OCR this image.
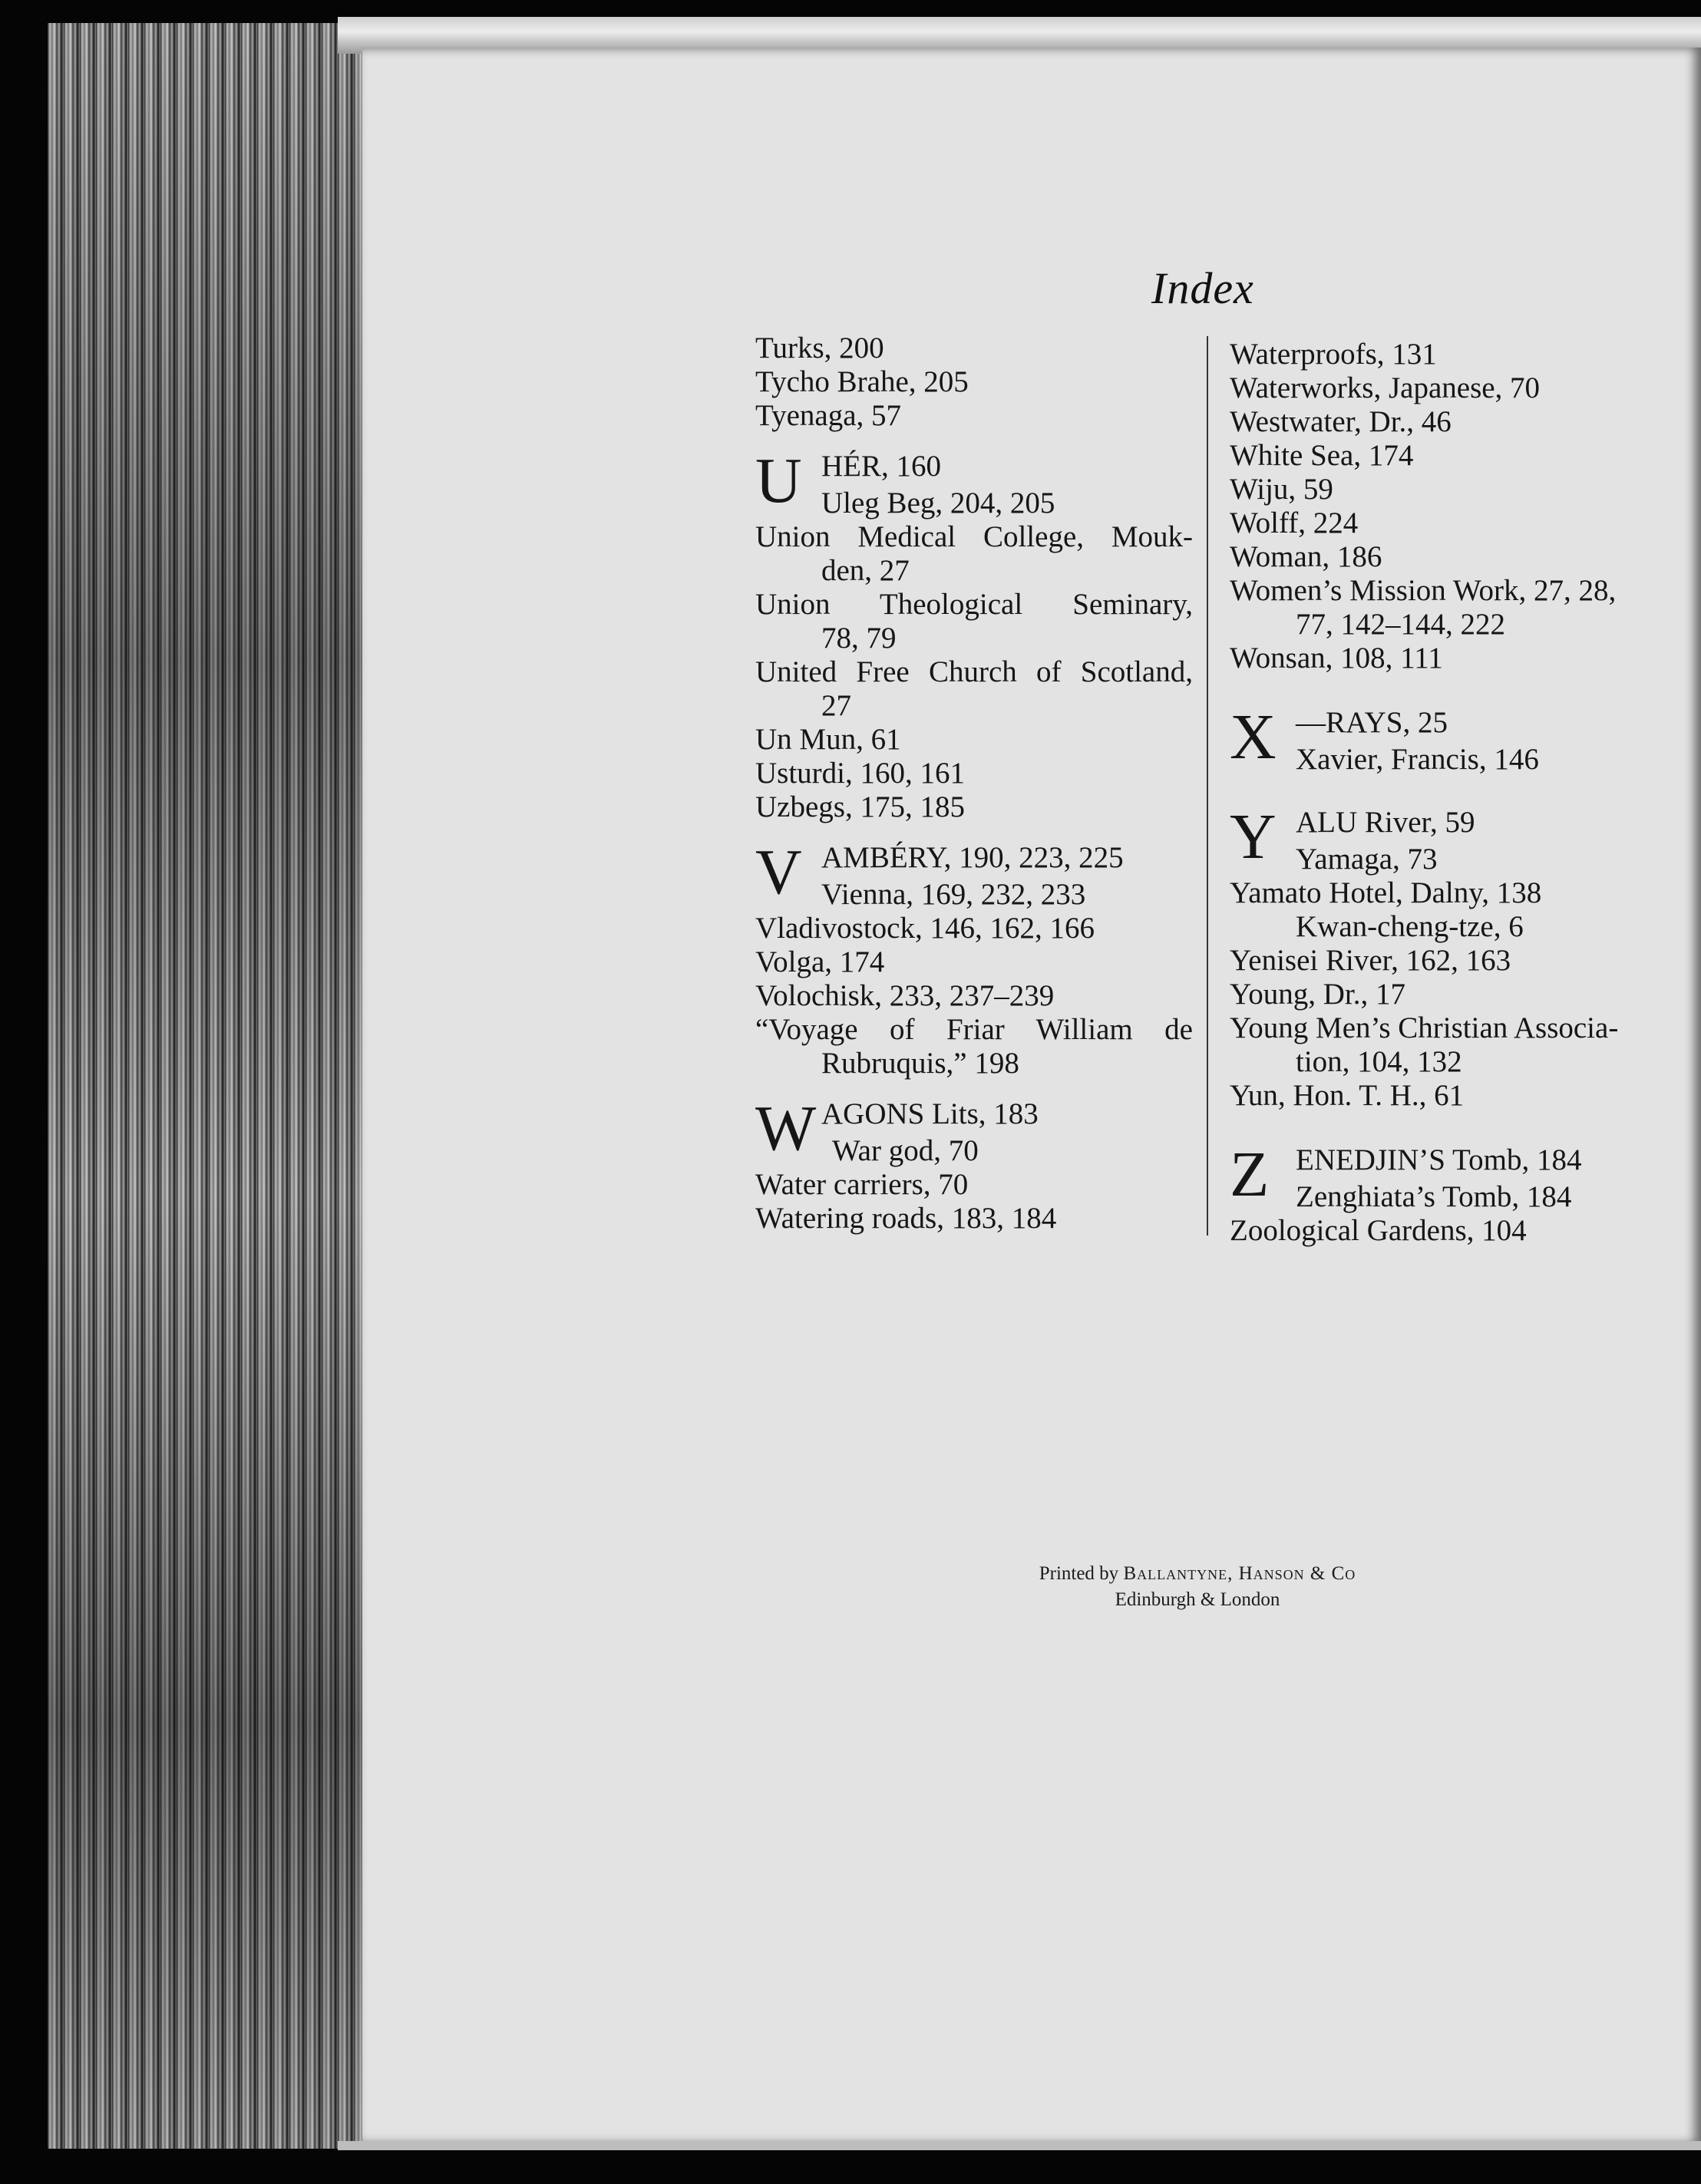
Index
Turks, 200
Tycho Brahe, 205
Tyenaga, 57
U HÉR, 160
Uleg Beg, 204, 205
Union Medical College, Mouk-
den, 27
Union Theological Seminary,
78, 79
United Free Church of Scotland,
27
Un Mun, 61
Usturdi, 160, 161
Uzbegs, 175, 185
V AMBÉRY, 190, 223, 225
Vienna, 169, 232, 233
Vladivostock, 146, 162, 166
Volga, 174
Volochisk, 233, 237–239
“Voyage of Friar William de
Rubruquis,” 198
W AGONS Lits, 183
War god, 70
Water carriers, 70
Watering roads, 183, 184
Waterproofs, 131
Waterworks, Japanese, 70
Westwater, Dr., 46
White Sea, 174
Wiju, 59
Wolff, 224
Woman, 186
Women’s Mission Work, 27, 28,
77, 142–144, 222
Wonsan, 108, 111
X —RAYS, 25
Xavier, Francis, 146
Y ALU River, 59
Yamaga, 73
Yamato Hotel, Dalny, 138
Kwan-cheng-tze, 6
Yenisei River, 162, 163
Young, Dr., 17
Young Men’s Christian Associa-
tion, 104, 132
Yun, Hon. T. H., 61
Z ENEDJIN’S Tomb, 184
Zenghiata’s Tomb, 184
Zoological Gardens, 104
Printed by Ballantyne, Hanson & Co
Edinburgh & London
